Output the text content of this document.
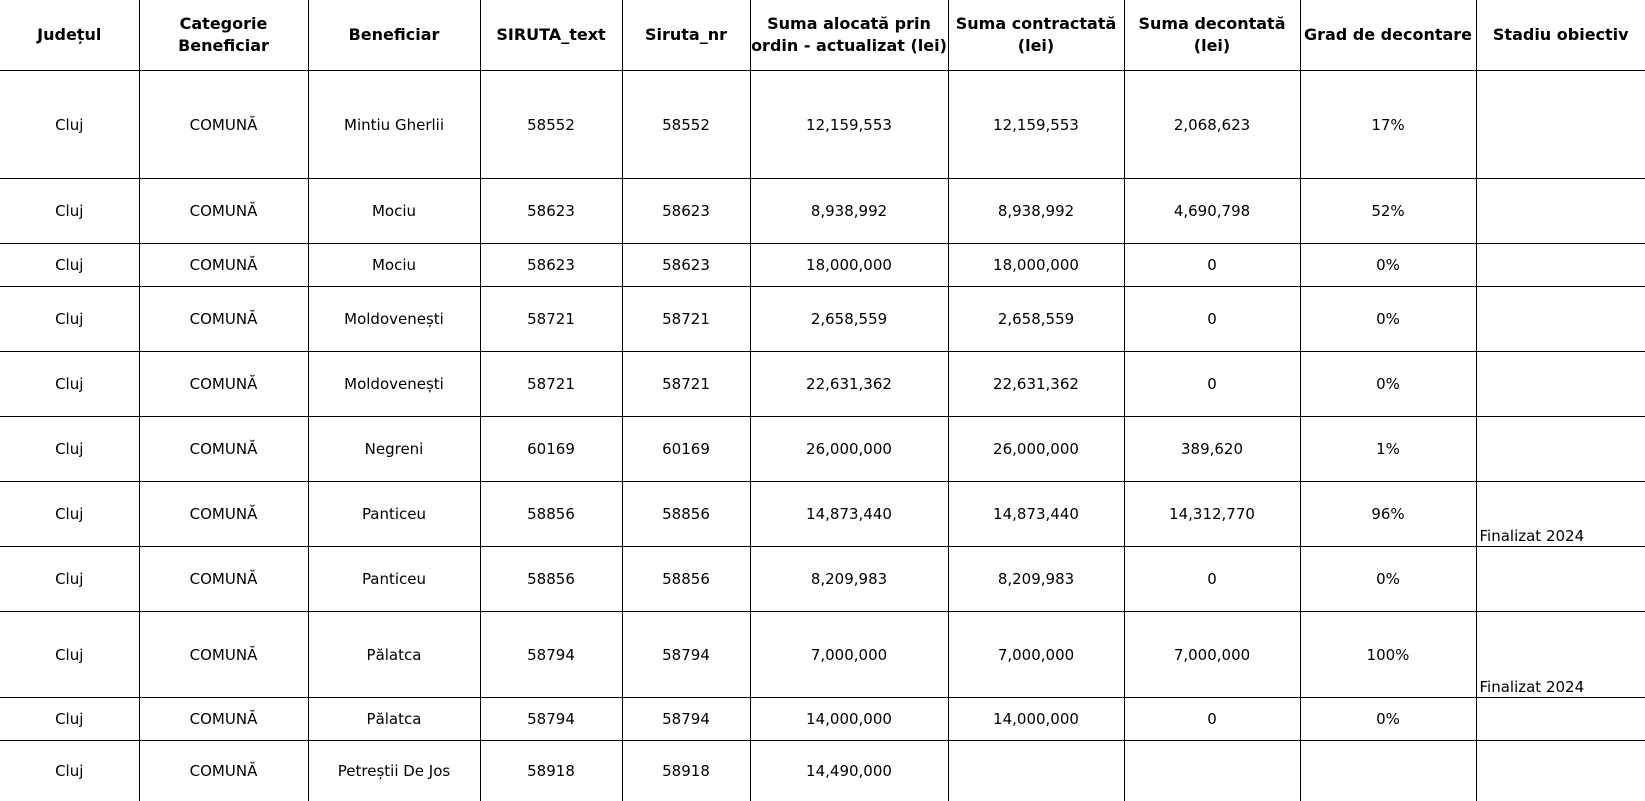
Județul	Categorie Beneficiar	Beneficiar	SIRUTA_text	Siruta_nr	Suma alocată prin ordin - actualizat (lei)	Suma contractată (lei)	Suma decontată (lei)	Grad de decontare	Stadiu obiectiv
Cluj	COMUNĂ	Mintiu Gherlii	58552	58552	12,159,553	12,159,553	2,068,623	17%	
Cluj	COMUNĂ	Mociu	58623	58623	8,938,992	8,938,992	4,690,798	52%	
Cluj	COMUNĂ	Mociu	58623	58623	18,000,000	18,000,000	0	0%	
Cluj	COMUNĂ	Moldovenești	58721	58721	2,658,559	2,658,559	0	0%	
Cluj	COMUNĂ	Moldovenești	58721	58721	22,631,362	22,631,362	0	0%	
Cluj	COMUNĂ	Negreni	60169	60169	26,000,000	26,000,000	389,620	1%	
Cluj	COMUNĂ	Panticeu	58856	58856	14,873,440	14,873,440	14,312,770	96%	Finalizat 2024
Cluj	COMUNĂ	Panticeu	58856	58856	8,209,983	8,209,983	0	0%	
Cluj	COMUNĂ	Pălatca	58794	58794	7,000,000	7,000,000	7,000,000	100%	Finalizat 2024
Cluj	COMUNĂ	Pălatca	58794	58794	14,000,000	14,000,000	0	0%	
Cluj	COMUNĂ	Petreștii De Jos	58918	58918	14,490,000				
